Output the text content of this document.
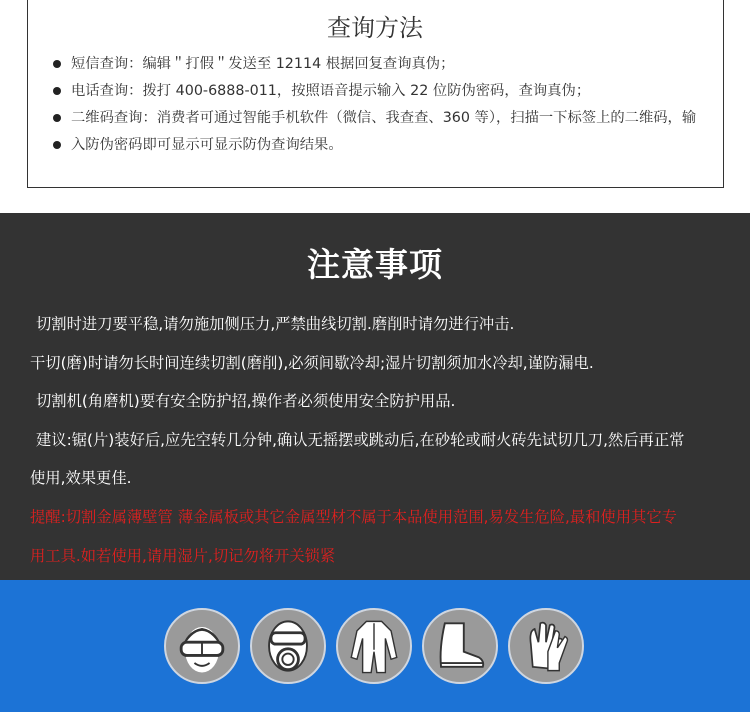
查询方法
短信查询：编辑＂打假＂发送至 12114 根据回复查询真伪；
电话查询：拨打 400-6888-011，按照语音提示输入 22 位防伪密码，查询真伪；
二维码查询：消费者可通过智能手机软件（微信、我查查、360 等），扫描一下标签上的二维码，输
入防伪密码即可显示可显示防伪查询结果。
注意事项

切割时进刀要平稳,请勿施加侧压力,严禁曲线切割.磨削时请勿进行冲击.

干切(磨)时请勿长时间连续切割(磨削),必须间歇冷却;湿片切割须加水冷却,谨防漏电.

切割机(角磨机)要有安全防护招,操作者必须使用安全防护用品.

建议:锯(片)装好后,应先空转几分钟,确认无摇摆或跳动后,在砂轮或耐火砖先试切几刀,然后再正常

使用,效果更佳.

提醒:切割金属薄壁管 薄金属板或其它金属型材不属于本品使用范围,易发生危险,最和使用其它专

用工具.如若使用,请用湿片,切记勿将开关锁紧
